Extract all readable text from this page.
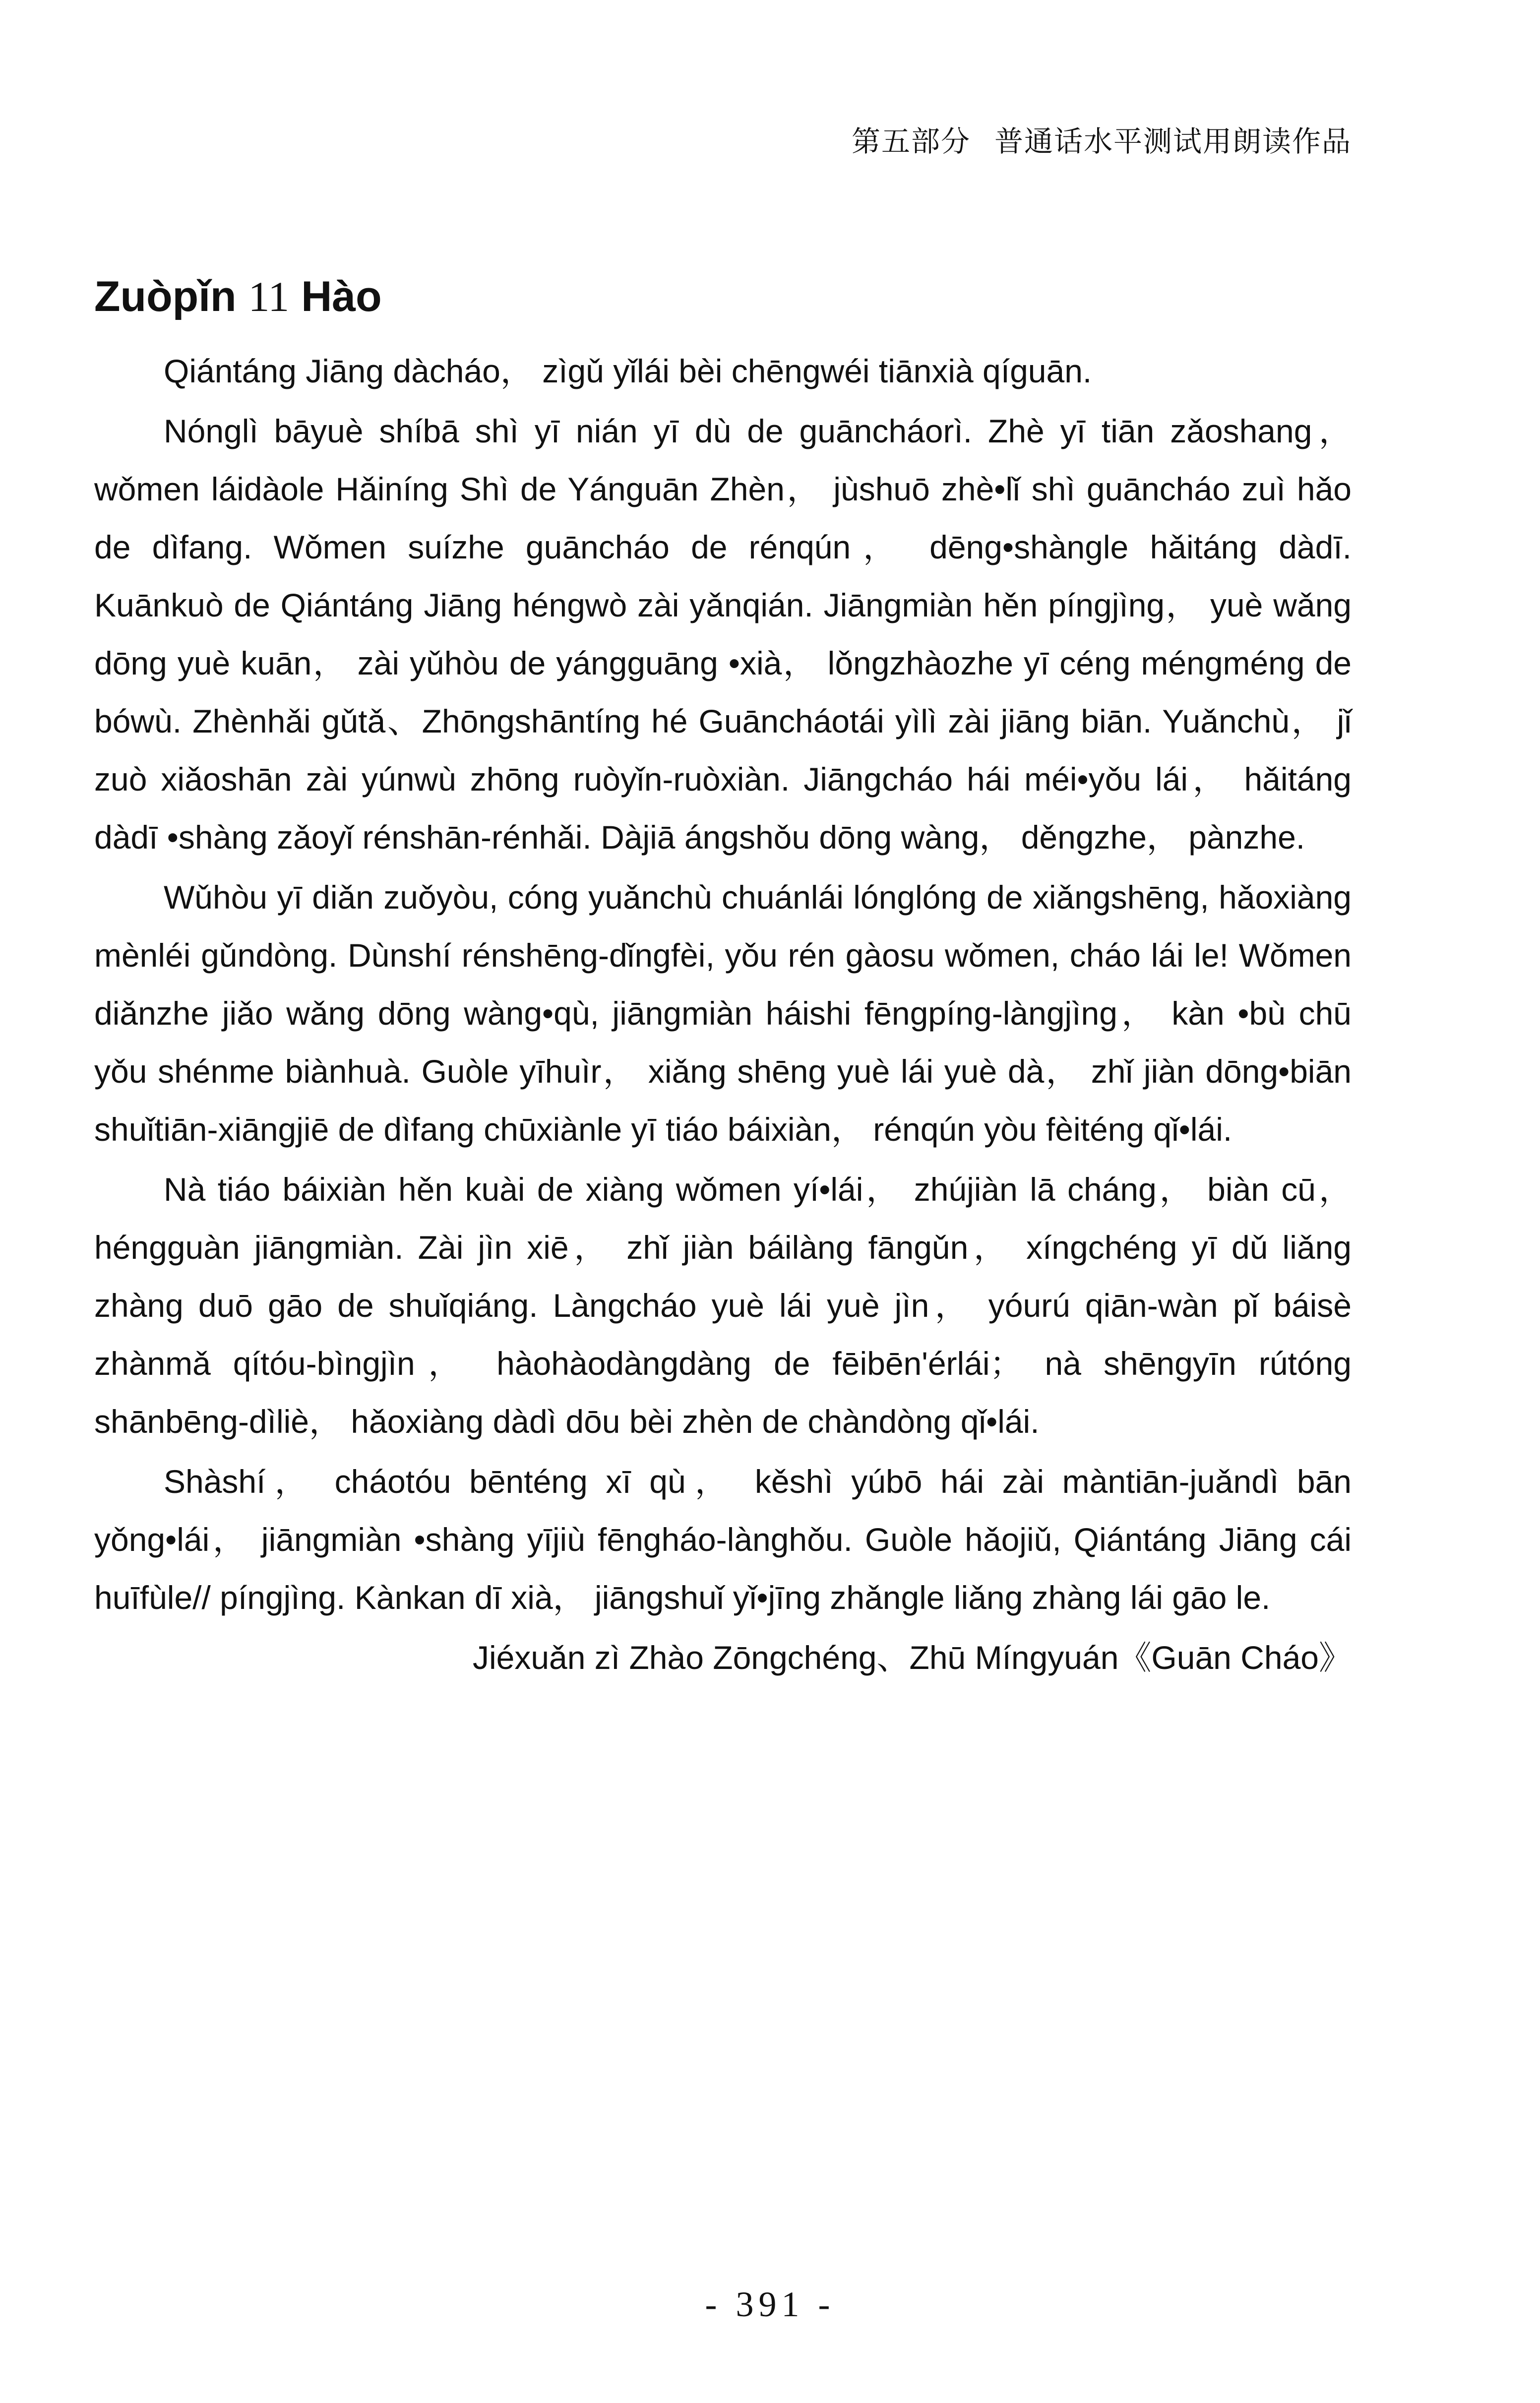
第五部分 普通话水平测试用朗读作品
Zuòpǐn 11 Hào

Qiántáng Jiāng dàcháo， zìgǔ yǐlái bèi chēngwéi tiānxià qíguān.

Nónglì bāyuè shíbā shì yī nián yī dù de guāncháorì. Zhè yī tiān zǎoshang， wǒmen láidàole Hǎiníng Shì de Yánguān Zhèn， jùshuō zhè•lǐ shì guāncháo zuì hǎo de dìfang. Wǒmen suízhe guāncháo de rénqún， dēng•shàngle hǎitáng dàdī. Kuānkuò de Qiántáng Jiāng héngwò zài yǎnqián. Jiāngmiàn hěn píngjìng， yuè wǎng dōng yuè kuān， zài yǔhòu de yángguāng •xià， lǒngzhàozhe yī céng méngméng de bówù. Zhènhǎi gǔtǎ、Zhōngshāntíng hé Guāncháotái yìlì zài jiāng biān. Yuǎnchù， jǐ zuò xiǎoshān zài yúnwù zhōng ruòyǐn-ruòxiàn. Jiāngcháo hái méi•yǒu lái， hǎitáng dàdī •shàng zǎoyǐ rénshān-rénhǎi. Dàjiā ángshǒu dōng wàng， děngzhe， pànzhe.

Wǔhòu yī diǎn zuǒyòu, cóng yuǎnchù chuánlái lónglóng de xiǎngshēng, hǎoxiàng mènléi gǔndòng. Dùnshí rénshēng-dǐngfèi, yǒu rén gàosu wǒmen, cháo lái le! Wǒmen diǎnzhe jiǎo wǎng dōng wàng•qù, jiāngmiàn háishi fēngpíng-làngjìng， kàn •bù chū yǒu shénme biànhuà. Guòle yīhuìr， xiǎng shēng yuè lái yuè dà， zhǐ jiàn dōng•biān shuǐtiān-xiāngjiē de dìfang chūxiànle yī tiáo báixiàn， rénqún yòu fèiténg qǐ•lái.

Nà tiáo báixiàn hěn kuài de xiàng wǒmen yí•lái， zhújiàn lā cháng， biàn cū， héngguàn jiāngmiàn. Zài jìn xiē， zhǐ jiàn báilàng fāngǔn， xíngchéng yī dǔ liǎng zhàng duō gāo de shuǐqiáng. Làngcháo yuè lái yuè jìn， yóurú qiān-wàn pǐ báisè zhànmǎ qítóu-bìngjìn， hàohàodàngdàng de fēibēn'érlái； nà shēngyīn rútóng shānbēng-dìliè， hǎoxiàng dàdì dōu bèi zhèn de chàndòng qǐ•lái.

Shàshí， cháotóu bēnténg xī qù， kěshì yúbō hái zài màntiān-juǎndì bān yǒng•lái， jiāngmiàn •shàng yījiù fēngháo-lànghǒu. Guòle hǎojiǔ, Qiántáng Jiāng cái huīfùle// píngjìng. Kànkan dī xià， jiāngshuǐ yǐ•jīng zhǎngle liǎng zhàng lái gāo le.

Jiéxuǎn zì Zhào Zōngchéng、Zhū Míngyuán《Guān Cháo》
- 391 -
